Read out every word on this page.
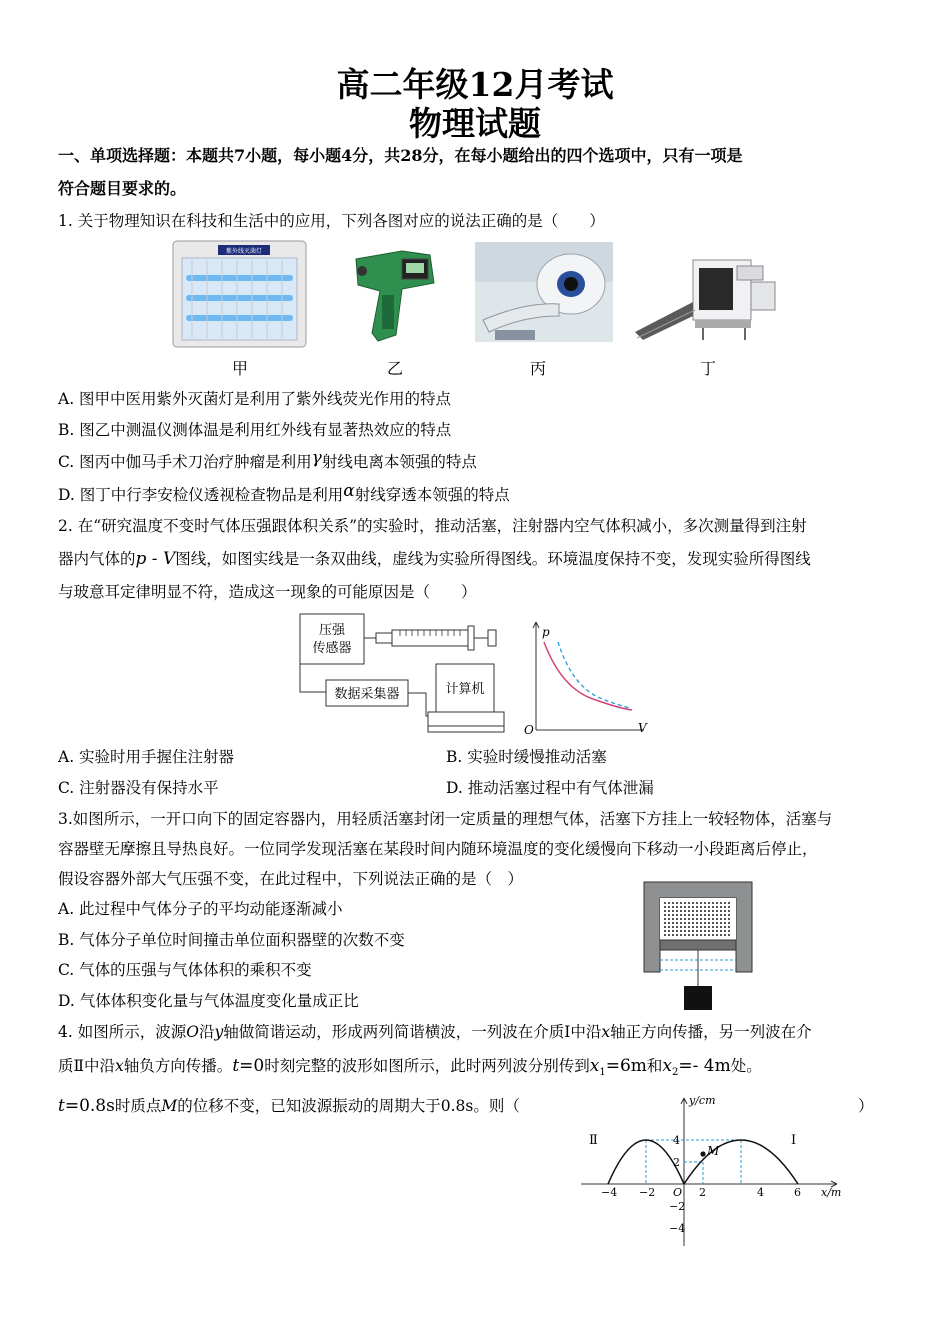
高二年级12月考试
物理试题
一、单项选择题：本题共7小题，每小题4分，共28分，在每小题给出的四个选项中，只有一项是
符合题目要求的。
1. 关于物理知识在科技和生活中的应用，下列各图对应的说法正确的是（　　）
紫外线灭菌灯
甲	乙	丙	丁
A. 图甲中医用紫外灭菌灯是利用了紫外线荧光作用的特点
B. 图乙中测温仪测体温是利用红外线有显著热效应的特点
C. 图丙中伽马手术刀治疗肿瘤是利用γ射线电离本领强的特点
D. 图丁中行李安检仪透视检查物品是利用α射线穿透本领强的特点
2. 在“研究温度不变时气体压强跟体积关系”的实验时，推动活塞，注射器内空气体积减小，多次测量得到注射
器内气体的p - V图线，如图实线是一条双曲线，虚线为实验所得图线。环境温度保持不变，发现实验所得图线
与玻意耳定律明显不符，造成这一现象的可能原因是（　　）
压强
传感器
数据采集器	计算机
p
V
O
A. 实验时用手握住注射器	B. 实验时缓慢推动活塞
C. 注射器没有保持水平	D. 推动活塞过程中有气体泄漏
3.如图所示，一开口向下的固定容器内，用轻质活塞封闭一定质量的理想气体，活塞下方挂上一较轻物体，活塞与
容器壁无摩擦且导热良好。一位同学发现活塞在某段时间内随环境温度的变化缓慢向下移动一小段距离后停止，
假设容器外部大气压强不变，在此过程中，下列说法正确的是（　）
A. 此过程中气体分子的平均动能逐渐减小
B. 气体分子单位时间撞击单位面积器壁的次数不变
C. 气体的压强与气体体积的乘积不变
D. 气体体积变化量与气体温度变化量成正比
4. 如图所示，波源O沿y轴做简谐运动，形成两列简谐横波，一列波在介质Ⅰ中沿x轴正方向传播，另一列波在介
质Ⅱ中沿x轴负方向传播。t=0时刻完整的波形如图所示，此时两列波分别传到$x_1=6m$和$x_2=-$ 4m处。
t=0.8s时质点M的位移不变，已知波源振动的周期大于0.8s。则（	）
y/cm
x/m
Ⅱ	Ⅰ
M
O
−4 −2	2	4	6
4
2
−2
−4
